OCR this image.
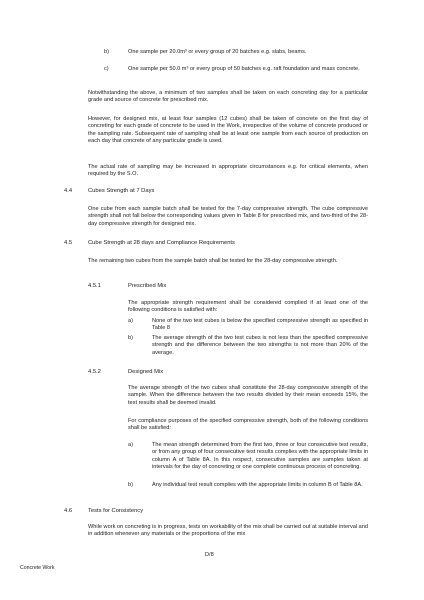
b)	One sample per 20.0m³ or every group of 20 batches e.g. slabs, beams.
c)	One sample per 50.0 m³ or every group of 50 batches e.g. raft foundation and mass concrete.
Notwithstanding the above, a minimum of two samples shall be taken on each concreting day for a particular grade and source of concrete for prescribed mix.
However, for designed mix, at least four samples (12 cubes) shall be taken of concrete on the first day of concreting for each grade of concrete to be used in the Work, irrespective of the volume of concrete produced or the sampling rate. Subsequent rate of sampling shall be at least one sample from each source of production on each day that concrete of any particular grade is used.
The actual rate of sampling may be increased in appropriate circumstances e.g. for critical elements, when required by the S.O.
4.4	Cubes Strength at 7 Days
One cube from each sample batch shall be tested for the 7-day compressive strength. The cube compressive strength shall not fall below the corresponding values given in Table 8 for prescribed mix, and two-third of the 28-day compressive strength for designed mix.
4.5	Cube Strength at 28 days and Compliance Requirements
The remaining two cubes from the sample batch shall be tested for the 28-day compressive strength.
4.5.1	Prescribed Mix
The appropriate strength requirement shall be considered complied if at least one of the following conditions is satisfied with:
a)	None of the two test cubes is below the specified compressive strength as specified in Table 8
b)	The average strength of the two test cubes is not less than the specified compressive strength and the difference between the two strengths is not more than 20% of the average.
4.5.2	Designed Mix
The average strength of the two cubes shall constitute the 28-day compressive strength of the sample. When the difference between the two results divided by their mean exceeds 15%, the test results shall be deemed invalid.
For compliance purposes of the specified compressive strength, both of the following conditions shall be satisfied:
a)	The mean strength determined from the first two, three or four consecutive test results, or from any group of four consecutive test results complies with the appropriate limits in column A of Table 8A. In this respect, consecutive samples are samples taken at intervals for the day of concreting or one complete continuous process of concreting.
b)	Any individual test result complies with the appropriate limits in column B of Table 8A.
4.6	Tests for Consistency
While work on concreting is in progress, tests on workability of the mix shall be carried out at suitable interval and in addition whenever any materials or the proportions of the mix
D/8
Concrete Work
